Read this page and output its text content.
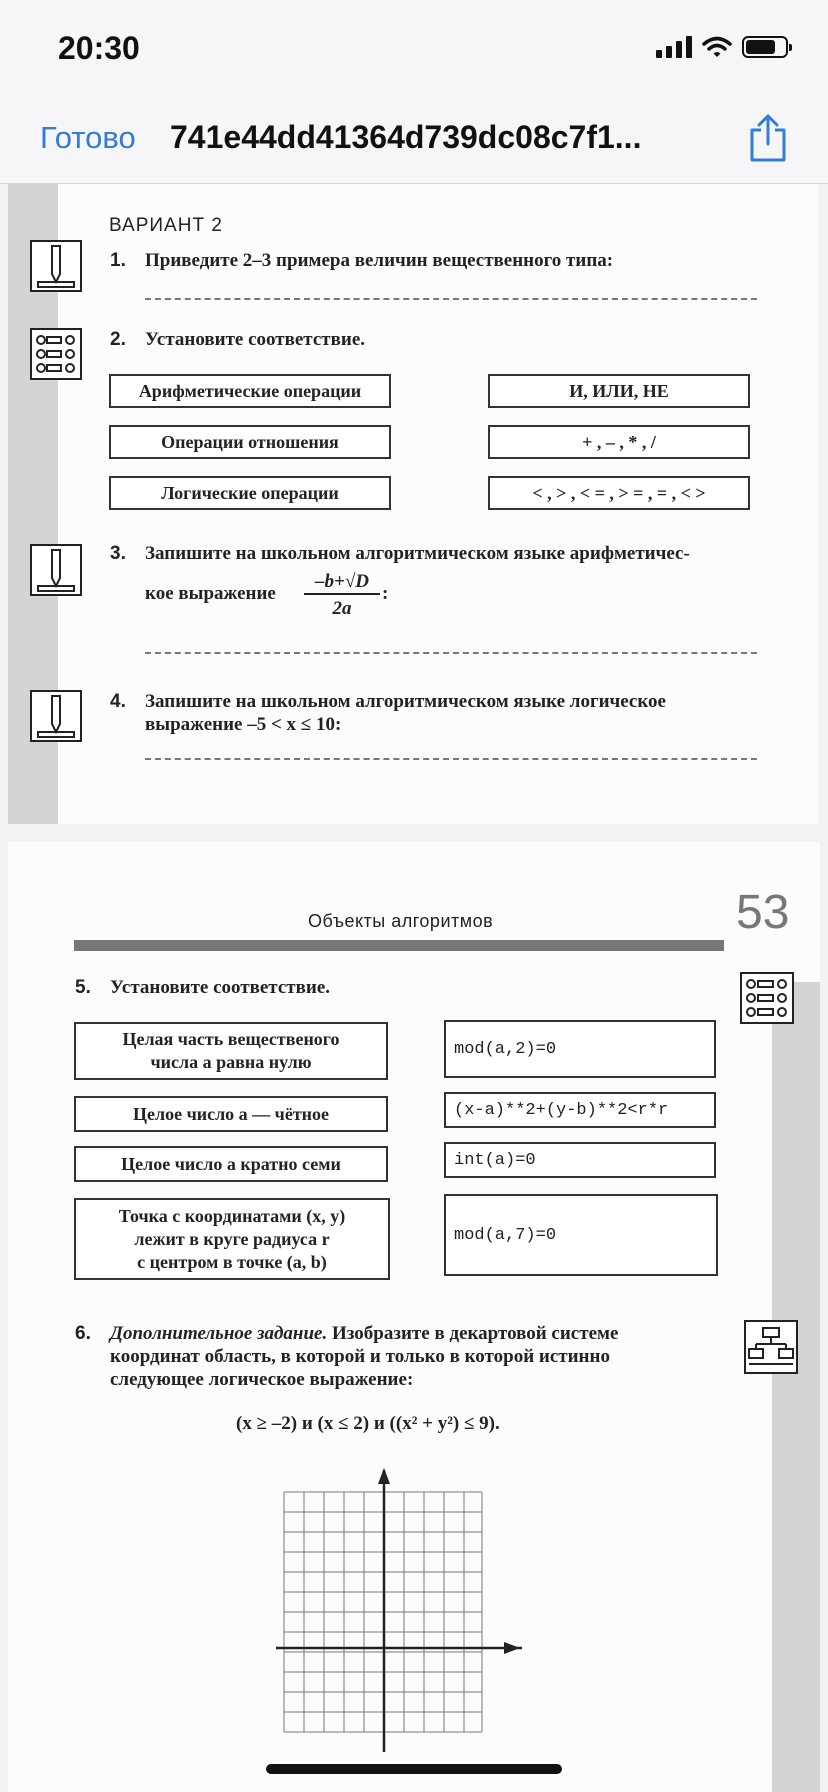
20:30
Готово 741e44dd41364d739dc08c7f1...
ВАРИАНТ 2
1. Приведите 2–3 примера величин вещественного типа:
2. Установите соответствие.
Арифметические операции
Операции отношения
Логические операции
И, ИЛИ, НЕ
+ , – , * , /
< , > , < = , > = , = , < >
3. Запишите на школьном алгоритмическом языке арифметичес-
кое выражение
–b+√D
2a
:
4. Запишите на школьном алгоритмическом языке логическое
выражение –5 < x ≤ 10:
Объекты алгоритмов	53
5. Установите соответствие.
Целая часть вещественого
числа a равна нулю
Целое число a — чётное
Целое число a кратно семи
Точка с координатами (x, y)
лежит в круге радиуса r
с центром в точке (a, b)
mod(a,2)=0
(x-a)**2+(y-b)**2<r*r
int(a)=0
mod(a,7)=0
6. Дополнительное задание. Изобразите в декартовой системе
координат область, в которой и только в которой истинно
следующее логическое выражение:
(x ≥ –2) и (x ≤ 2) и ((x² + y²) ≤ 9).
